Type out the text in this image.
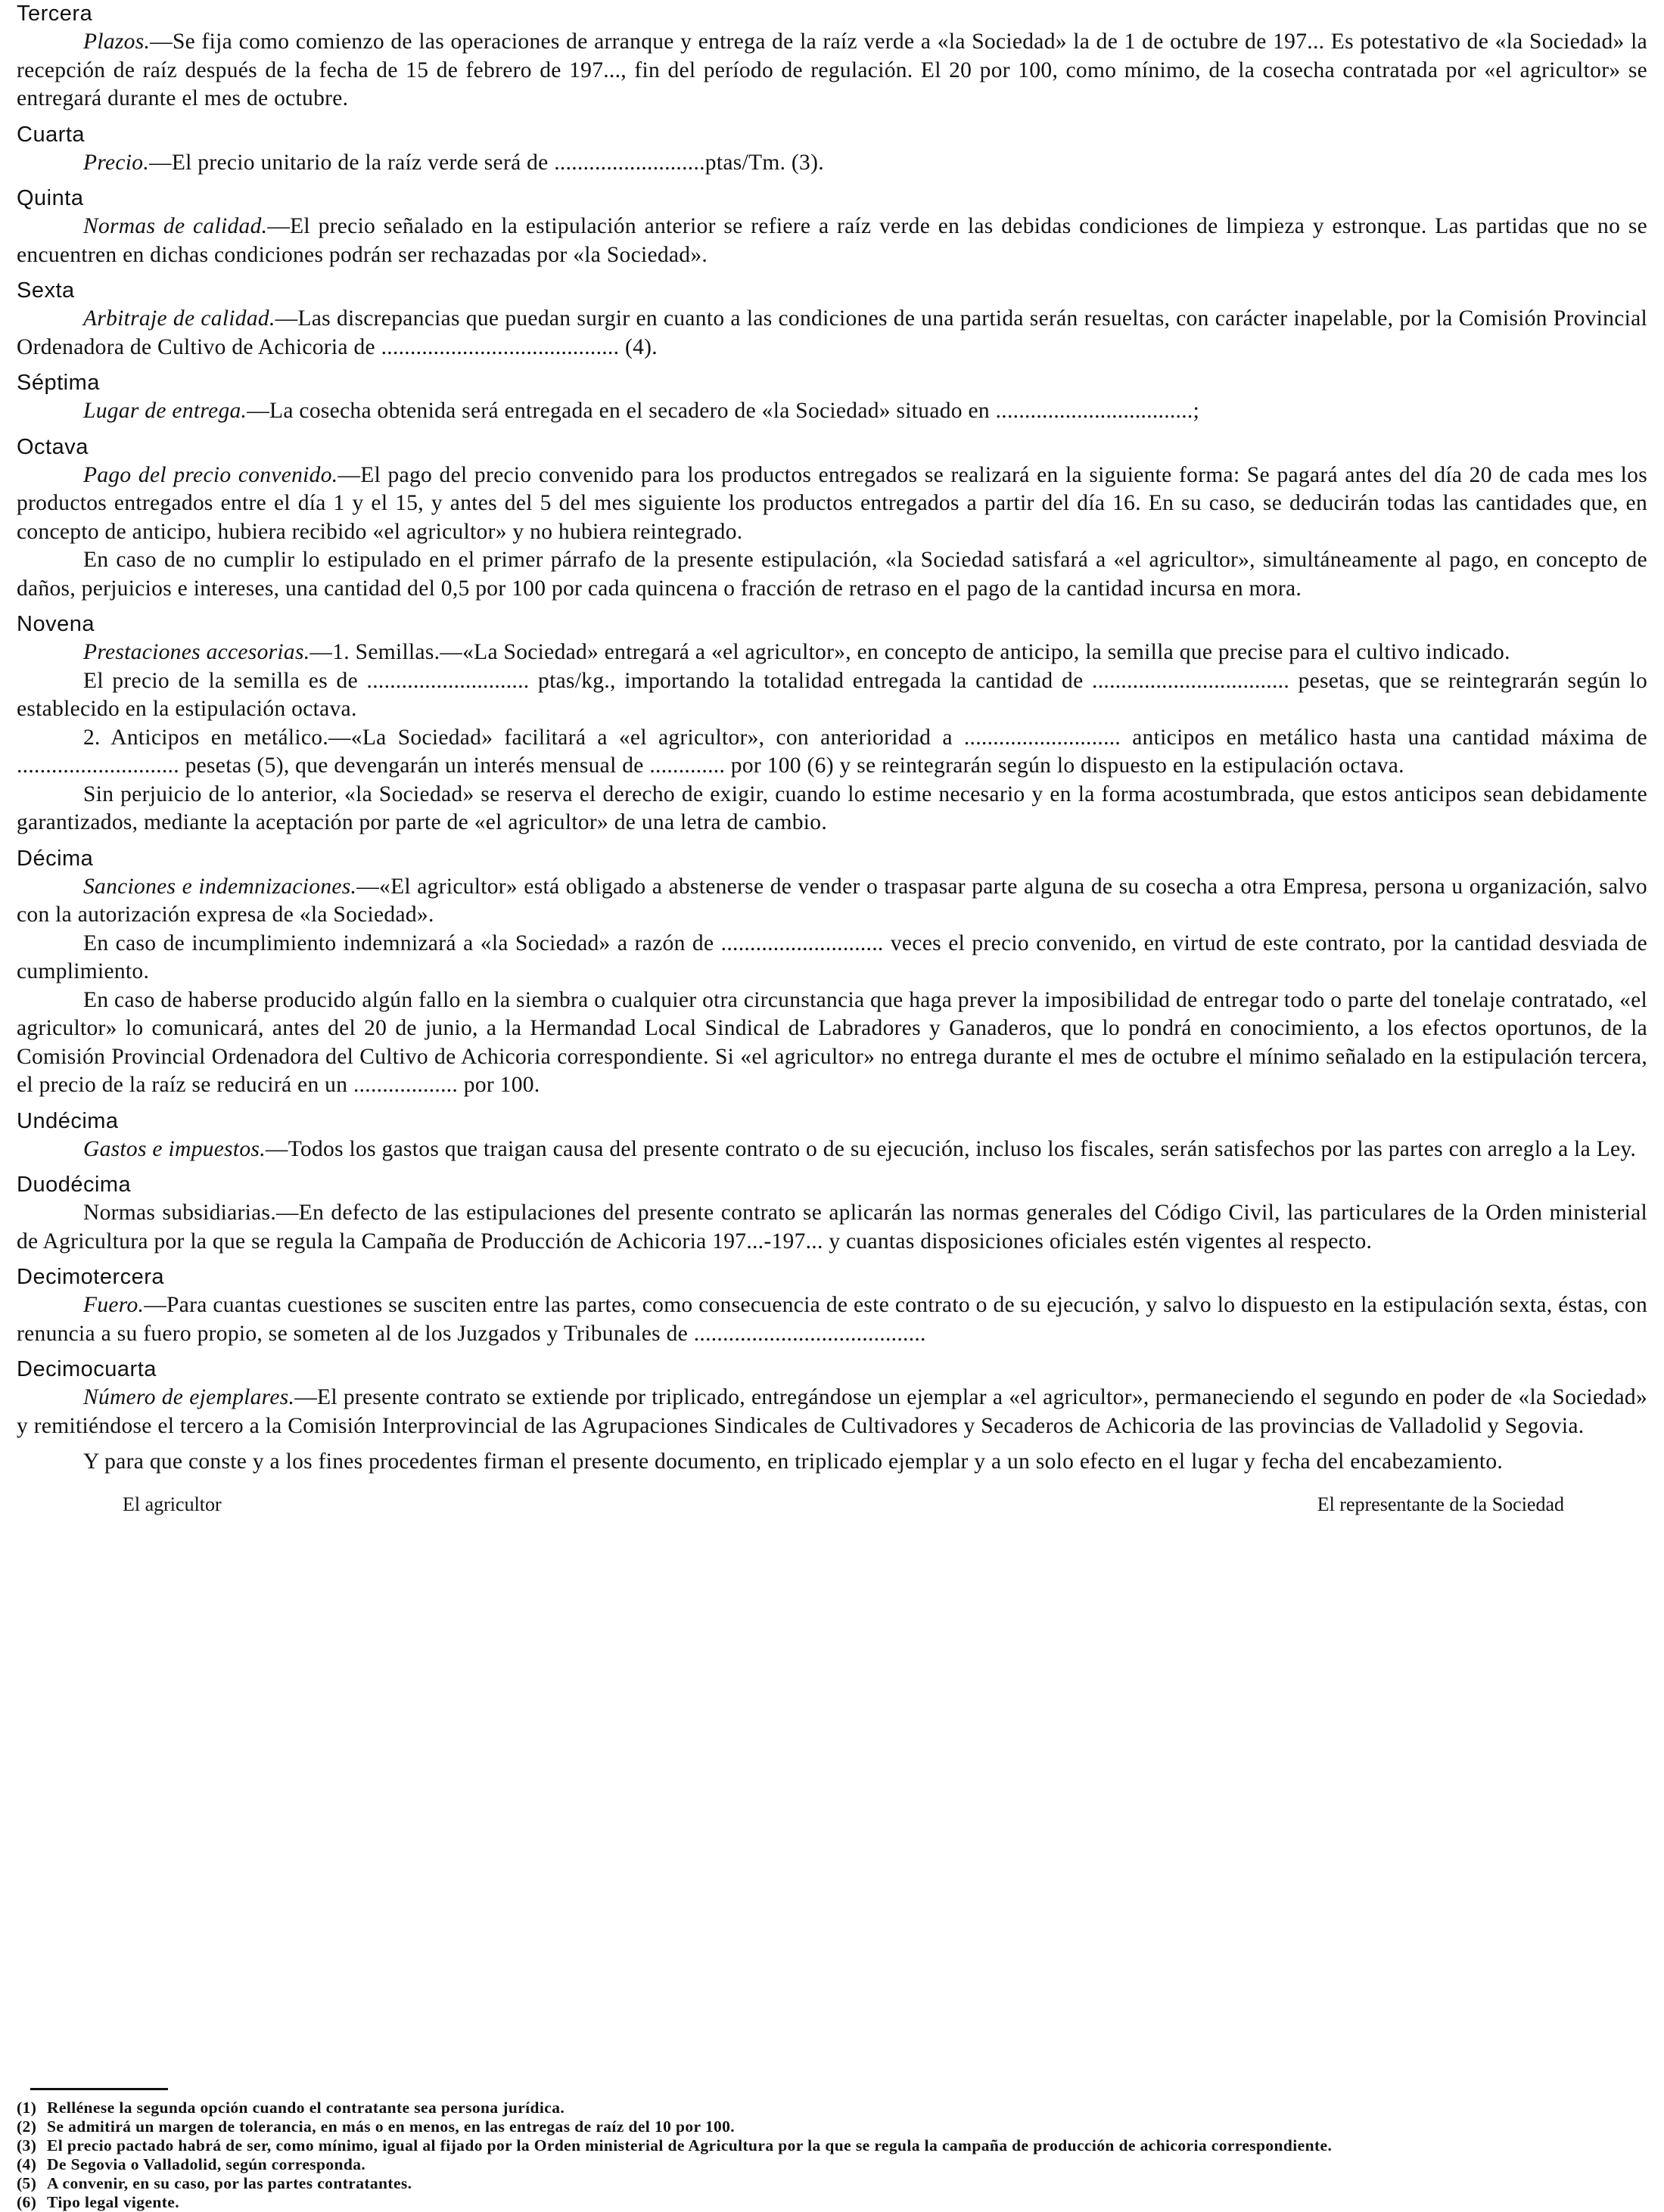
Tercera

Plazos.—Se fija como comienzo de las operaciones de arranque y entrega de la raíz verde a «la Sociedad» la de 1 de octubre de 197... Es potestativo de «la Sociedad» la recepción de raíz después de la fecha de 15 de febrero de 197..., fin del período de regulación. El 20 por 100, como mínimo, de la cosecha contratada por «el agricultor» se entregará durante el mes de octubre.

Cuarta

Precio.—El precio unitario de la raíz verde será de ..........................ptas/Tm. (3).

Quinta

Normas de calidad.—El precio señalado en la estipulación anterior se refiere a raíz verde en las debidas condiciones de limpieza y estronque. Las partidas que no se encuentren en dichas condiciones podrán ser rechazadas por «la Sociedad».

Sexta

Arbitraje de calidad.—Las discrepancias que puedan surgir en cuanto a las condiciones de una partida serán resueltas, con carácter inapelable, por la Comisión Provincial Ordenadora de Cultivo de Achicoria de ......................................... (4).

Séptima

Lugar de entrega.—La cosecha obtenida será entregada en el secadero de «la Sociedad» situado en ..................................;

Octava

Pago del precio convenido.—El pago del precio convenido para los productos entregados se realizará en la siguiente forma: Se pagará antes del día 20 de cada mes los productos entregados entre el día 1 y el 15, y antes del 5 del mes siguiente los productos entregados a partir del día 16. En su caso, se deducirán todas las cantidades que, en concepto de anticipo, hubiera recibido «el agricultor» y no hubiera reintegrado.

En caso de no cumplir lo estipulado en el primer párrafo de la presente estipulación, «la Sociedad satisfará a «el agricultor», simultáneamente al pago, en concepto de daños, perjuicios e intereses, una cantidad del 0,5 por 100 por cada quincena o fracción de retraso en el pago de la cantidad incursa en mora.

Novena

Prestaciones accesorias.—1. Semillas.—«La Sociedad» entregará a «el agricultor», en concepto de anticipo, la semilla que precise para el cultivo indicado.

El precio de la semilla es de ............................ ptas/kg., importando la totalidad entregada la cantidad de .................................. pesetas, que se reintegrarán según lo establecido en la estipulación octava.

2. Anticipos en metálico.—«La Sociedad» facilitará a «el agricultor», con anterioridad a ........................... anticipos en metálico hasta una cantidad máxima de ............................ pesetas (5), que devengarán un interés mensual de ............. por 100 (6) y se reintegrarán según lo dispuesto en la estipulación octava.

Sin perjuicio de lo anterior, «la Sociedad» se reserva el derecho de exigir, cuando lo estime necesario y en la forma acostumbrada, que estos anticipos sean debidamente garantizados, mediante la aceptación por parte de «el agricultor» de una letra de cambio.

Décima

Sanciones e indemnizaciones.—«El agricultor» está obligado a abstenerse de vender o traspasar parte alguna de su cosecha a otra Empresa, persona u organización, salvo con la autorización expresa de «la Sociedad».

En caso de incumplimiento indemnizará a «la Sociedad» a razón de ............................ veces el precio convenido, en virtud de este contrato, por la cantidad desviada de cumplimiento.

En caso de haberse producido algún fallo en la siembra o cualquier otra circunstancia que haga prever la imposibilidad de entregar todo o parte del tonelaje contratado, «el agricultor» lo comunicará, antes del 20 de junio, a la Hermandad Local Sindical de Labradores y Ganaderos, que lo pondrá en conocimiento, a los efectos oportunos, de la Comisión Provincial Ordenadora del Cultivo de Achicoria correspondiente. Si «el agricultor» no entrega durante el mes de octubre el mínimo señalado en la estipulación tercera, el precio de la raíz se reducirá en un .................. por 100.

Undécima

Gastos e impuestos.—Todos los gastos que traigan causa del presente contrato o de su ejecución, incluso los fiscales, serán satisfechos por las partes con arreglo a la Ley.

Duodécima

Normas subsidiarias.—En defecto de las estipulaciones del presente contrato se aplicarán las normas generales del Código Civil, las particulares de la Orden ministerial de Agricultura por la que se regula la Campaña de Producción de Achicoria 197...-197... y cuantas disposiciones oficiales estén vigentes al respecto.

Decimotercera

Fuero.—Para cuantas cuestiones se susciten entre las partes, como consecuencia de este contrato o de su ejecución, y salvo lo dispuesto en la estipulación sexta, éstas, con renuncia a su fuero propio, se someten al de los Juzgados y Tribunales de ........................................

Decimocuarta

Número de ejemplares.—El presente contrato se extiende por triplicado, entregándose un ejemplar a «el agricultor», permaneciendo el segundo en poder de «la Sociedad» y remitiéndose el tercero a la Comisión Interprovincial de las Agrupaciones Sindicales de Cultivadores y Secaderos de Achicoria de las provincias de Valladolid y Segovia.

Y para que conste y a los fines procedentes firman el presente documento, en triplicado ejemplar y a un solo efecto en el lugar y fecha del encabezamiento.

El agricultor	El representante de la Sociedad

(1) Rellénese la segunda opción cuando el contratante sea persona jurídica.

(2) Se admitirá un margen de tolerancia, en más o en menos, en las entregas de raíz del 10 por 100.

(3) El precio pactado habrá de ser, como mínimo, igual al fijado por la Orden ministerial de Agricultura por la que se regula la campaña de producción de achicoria correspondiente.

(4) De Segovia o Valladolid, según corresponda.

(5) A convenir, en su caso, por las partes contratantes.

(6) Tipo legal vigente.
